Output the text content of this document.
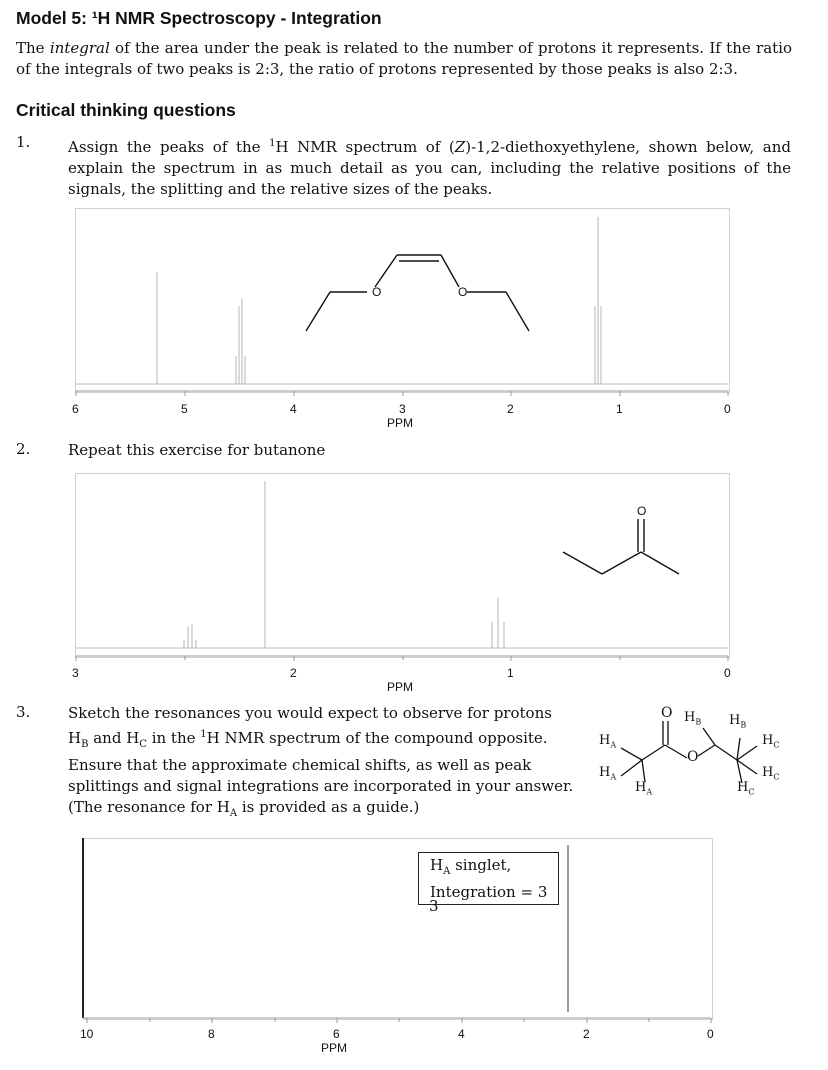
Model 5: ¹H NMR Spectroscopy - Integration
The integral of the area under the peak is related to the number of protons it represents. If the ratio of the integrals of two peaks is 2:3, the ratio of protons represented by those peaks is also 2:3.
Critical thinking questions
1.	Assign the peaks of the $^1$H NMR spectrum of (Z)-1,2-diethoxyethylene, shown below, and explain the spectrum in as much detail as you can, including the relative positions of the signals, the splitting and the relative sizes of the peaks.
O	O
6	5	4	3	2	1	0
PPM
2.	Repeat this exercise for butanone
O
3	2	1	0
PPM
3.	Sketch the resonances you would expect to observe for protons $H_B$ and $H_C$ in the $^1$H NMR spectrum of the compound opposite. Ensure that the approximate chemical shifts, as well as peak splittings and signal integrations are incorporated in your answer. (The resonance for $H_A$ is provided as a guide.)
O
O
$H_A$
$H_A$
$H_A$
$H_B$ $H_B$
$H_C$
$H_C$
$H_C$
$H_A$ singlet,
Integration = 3
3
10	8	6	4	2	0
PPM
